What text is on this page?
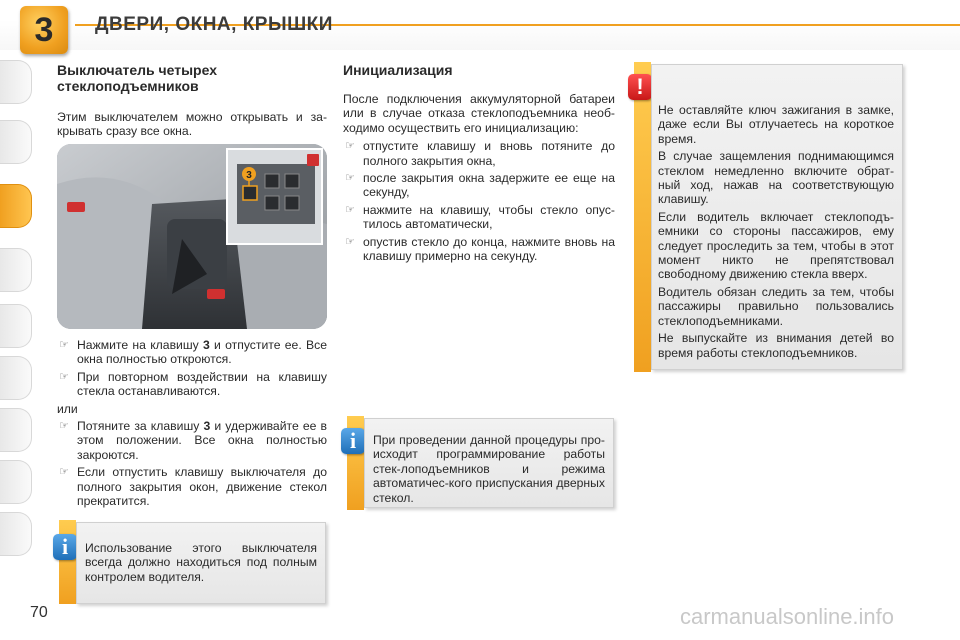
3	ДВЕРИ, ОКНА, КРЫШКИ
Выключатель четырех стеклоподъемников
Этим выключателем можно открывать и за-крывать сразу все окна.
3
☞ Нажмите на клавишу 3 и отпустите ее. Все окна полностью откроются.
☞ При повторном воздействии на клавишу стекла останавливаются.
или
☞ Потяните за клавишу 3 и удерживайте ее в этом положении. Все окна полностью закроются.
☞ Если отпустить клавишу выключателя до полного закрытия окон, движение стекол прекратится.
i	Использование этого выключателя всегда должно находиться под полным контролем водителя.
Инициализация
После подключения аккумуляторной батареи или в случае отказа стеклоподъемника необ-ходимо осуществить его инициализацию:
☞ отпустите клавишу и вновь потяните до полного закрытия окна,
☞ после закрытия окна задержите ее еще на секунду,
☞ нажмите на клавишу, чтобы стекло опус-тилось автоматически,
☞ опустив стекло до конца, нажмите вновь на клавишу примерно на секунду.
i	При проведении данной процедуры про-исходит программирование работы стек-лоподъемников и режима автоматичес-кого приспускания дверных стекол.
!

Не оставляйте ключ зажигания в замке, даже если Вы отлучаетесь на короткое время.

В случае защемления поднимающимся стеклом немедленно включите обрат-ный ход, нажав на соответствующую клавишу.

Если водитель включает стеклоподъ-емники со стороны пассажиров, ему следует проследить за тем, чтобы в этот момент никто не препятствовал свободному движению стекла вверх.

Водитель обязан следить за тем, чтобы пассажиры правильно пользовались стеклоподъемниками.

Не выпускайте из внимания детей во время работы стеклоподъемников.

70	carmanualsonline.info
